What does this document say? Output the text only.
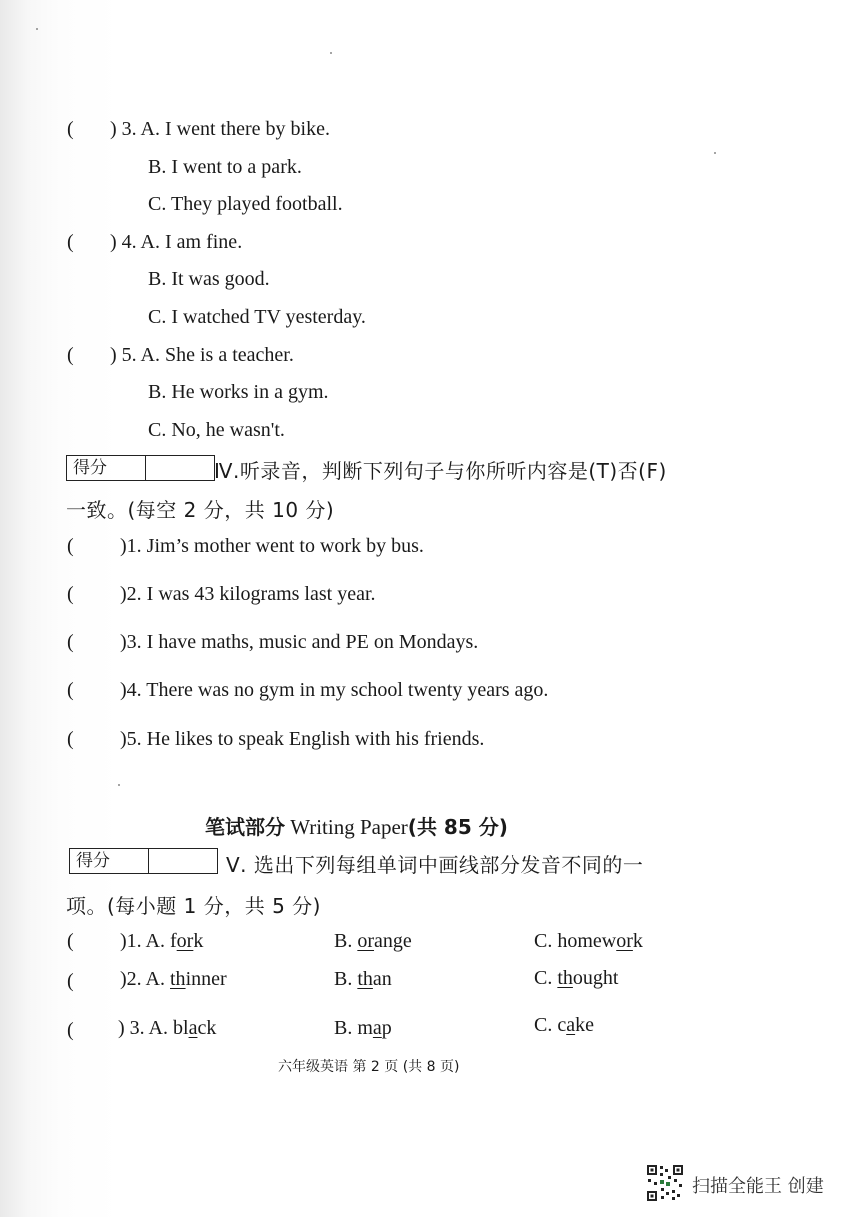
( ) 3. A. I went there by bike.
B. I went to a park.
C. They played football.
( ) 4. A. I am fine.
B. It was good.
C. I watched TV yesterday.
( ) 5. A. She is a teacher.
B. He works in a gym.
C. No, he wasn't.
得分	Ⅳ.听录音，判断下列句子与你所听内容是(T)否(F)
一致。(每空 2 分，共 10 分)
( )1. Jim’s mother went to work by bus.
( )2. I was 43 kilograms last year.
( )3. I have maths, music and PE on Mondays.
( )4. There was no gym in my school twenty years ago.
( )5. He likes to speak English with his friends.
笔试部分 Writing Paper(共 85 分)
得分	Ⅴ. 选出下列每组单词中画线部分发音不同的一
项。(每小题 1 分，共 5 分)
( )1. A. fork	B. orange	C. homework
( )2. A. thinner	B. than	C. thought
( ) 3. A. black	B. map	C. cake
六年级英语 第 2 页 (共 8 页)
扫描全能王 创建
